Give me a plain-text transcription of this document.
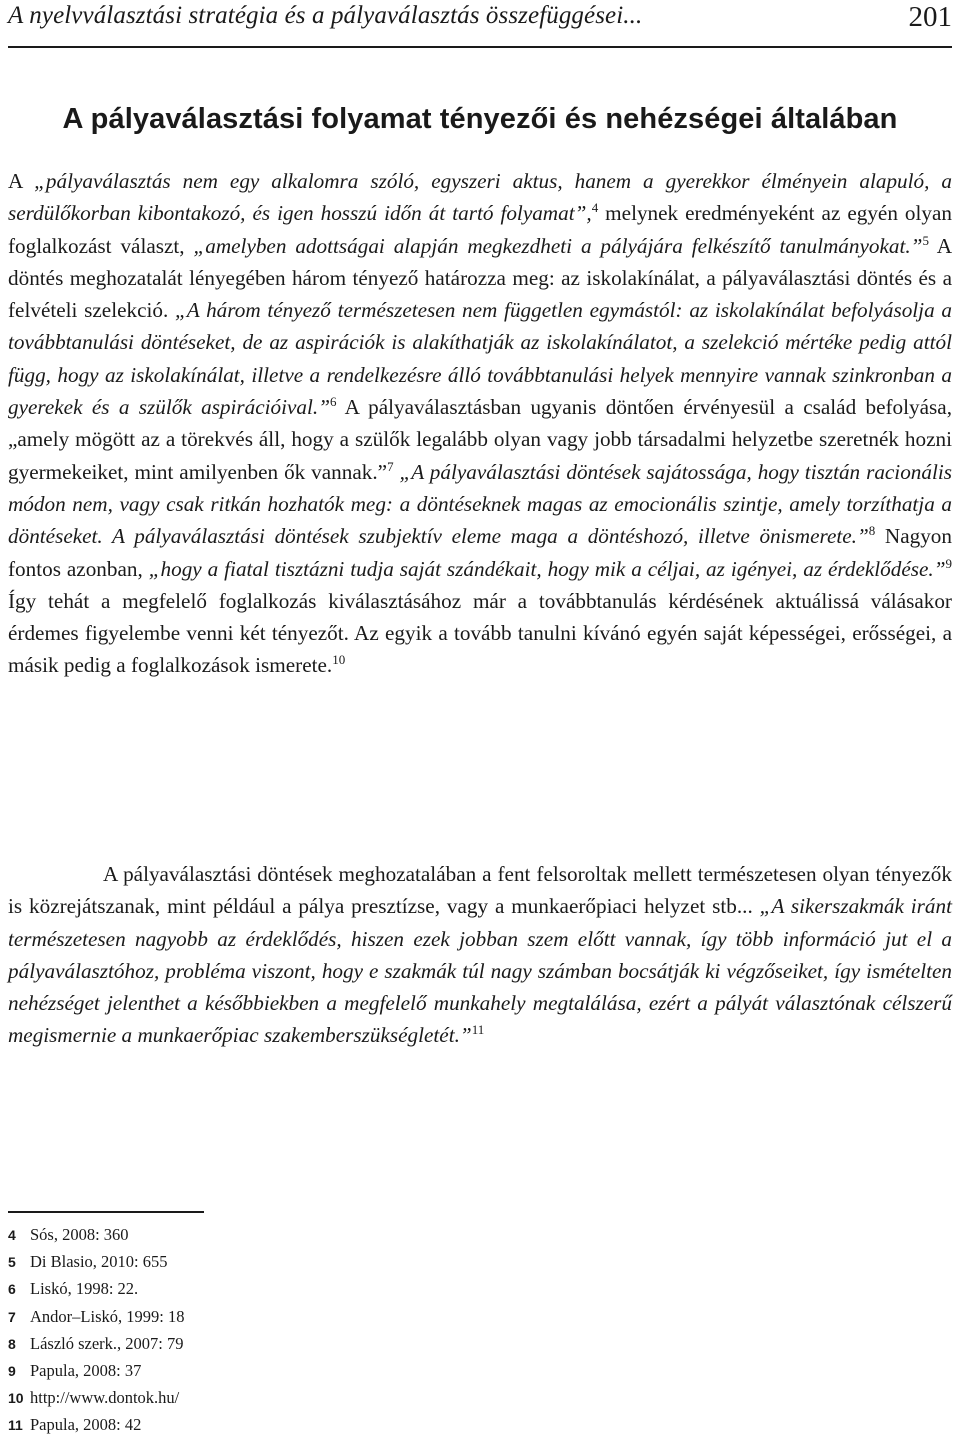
A nyelvválasztási stratégia és a pályaválasztás összefüggései...	201
A pályaválasztási folyamat tényezői és nehézségei általában

A „pályaválasztás nem egy alkalomra szóló, egyszeri aktus, hanem a gyerekkor élményein alapuló, a serdülőkorban kibontakozó, és igen hosszú időn át tartó folyamat”,$^4$ melynek eredményeként az egyén olyan foglalkozást választ, „amelyben adottságai alapján megkezdheti a pályájára felkészítő tanulmányokat.”$^5$ A döntés meghozatalát lényegében három tényező határozza meg: az iskolakínálat, a pályaválasztási döntés és a felvételi szelekció. „A három tényező természetesen nem független egymástól: az iskolakínálat befolyásolja a továbbtanulási döntéseket, de az aspirációk is alakíthatják az iskolakínálatot, a szelekció mértéke pedig attól függ, hogy az iskolakínálat, illetve a rendelkezésre álló továbbtanulási helyek mennyire vannak szinkronban a gyerekek és a szülők aspirációival.”$^6$ A pályaválasztásban ugyanis döntően érvényesül a család befolyása, „amely mögött az a törekvés áll, hogy a szülők legalább olyan vagy jobb társadalmi helyzetbe szeretnék hozni gyermekeiket, mint amilyenben ők vannak.”$^7$ „A pályaválasztási döntések sajátossága, hogy tisztán racionális módon nem, vagy csak ritkán hozhatók meg: a döntéseknek magas az emocionális szintje, amely torzíthatja a döntéseket. A pályaválasztási döntések szubjektív eleme maga a döntéshozó, illetve önismerete.”$^8$ Nagyon fontos azonban, „hogy a fiatal tisztázni tudja saját szándékait, hogy mik a céljai, az igényei, az érdeklődése.”$^9$ Így tehát a megfelelő foglalkozás kiválasztásához már a továbbtanulás kérdésének aktuálissá válásakor érdemes figyelembe venni két tényezőt. Az egyik a tovább tanulni kívánó egyén saját képességei, erősségei, a másik pedig a foglalkozások ismerete.$^{10}$

A pályaválasztási döntések meghozatalában a fent felsoroltak mellett természetesen olyan tényezők is közrejátszanak, mint például a pálya presztízse, vagy a munkaerőpiaci helyzet stb... „A sikerszakmák iránt természetesen nagyobb az érdeklődés, hiszen ezek jobban szem előtt vannak, így több információ jut el a pályaválasztóhoz, probléma viszont, hogy e szakmák túl nagy számban bocsátják ki végzőseiket, így ismételten nehézséget jelenthet a későbbiekben a megfelelő munkahely megtalálása, ezért a pályát választónak célszerű megismernie a munkaerőpiac szakemberszükségletét.”$^{11}$

4 Sós, 2008: 360
5 Di Blasio, 2010: 655
6 Liskó, 1998: 22.
7 Andor–Liskó, 1999: 18
8 László szerk., 2007: 79
9 Papula, 2008: 37
10 http://www.dontok.hu/
11 Papula, 2008: 42
